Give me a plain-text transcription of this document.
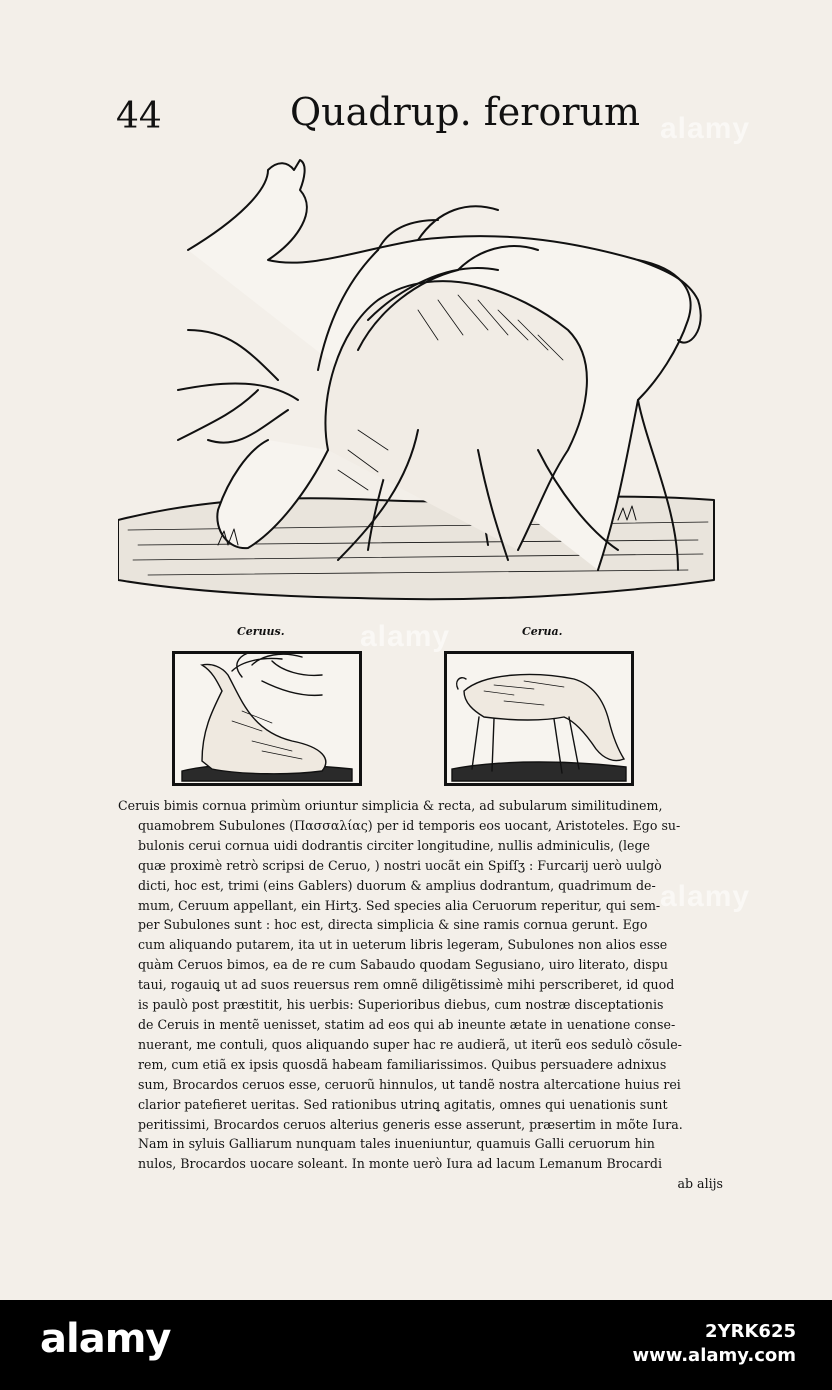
44	Quadrup. ferorum
Ceruus.	Cerua.
Ceruis bimis cornua primùm oriuntur simplicia & recta, ad subularum similitudinem,
quamobrem Subulones (Πασσαλίας) per id temporis eos uocant, Aristoteles. Ego su-
bulonis cerui cornua uidi dodrantis circiter longitudine, nullis adminiculis, (lege
quæ proximè retrò scripsi de Ceruo, ) nostri uocãt ein Spiſſʒ : Furcarij uerò uulgò
dicti, hoc est, trimi (eins Gablers) duorum & amplius dodrantum, quadrimum de-
mum, Ceruum appellant, ein Hirtʒ. Sed species alia Ceruorum reperitur, qui sem-
per Subulones sunt : hoc est, directa simplicia & sine ramis cornua gerunt. Ego
cum aliquando putarem, ita ut in ueterum libris legeram, Subulones non alios esse
quàm Ceruos bimos, ea de re cum Sabaudo quodam Segusiano, uiro literato, dispu
taui, rogauiꝗ ut ad suos reuersus rem omnẽ diligẽtissimè mihi perscriberet, id quod
is paulò post præstitit, his uerbis: Superioribus diebus, cum nostræ disceptationis
de Ceruis in mentẽ uenisset, statim ad eos qui ab ineunte ætate in uenatione conse-
nuerant, me contuli, quos aliquando super hac re audierã, ut iterũ eos sedulò cõsule-
rem, cum etiã ex ipsis quosdã habeam familiarissimos. Quibus persuadere adnixus
sum, Brocardos ceruos esse, ceruorũ hinnulos, ut tandẽ nostra altercatione huius rei
clarior patefieret ueritas. Sed rationibus utrinꝗ agitatis, omnes qui uenationis sunt
peritissimi, Brocardos ceruos alterius generis esse asserunt, præsertim in mõte Iura.
Nam in syluis Galliarum nunquam tales inueniuntur, quamuis Galli ceruorum hin
nulos, Brocardos uocare soleant. In monte uerò Iura ad lacum Lemanum Brocardi
ab alijs
alamy
alamy
alamy
alamy	2YRK625
www.alamy.com
